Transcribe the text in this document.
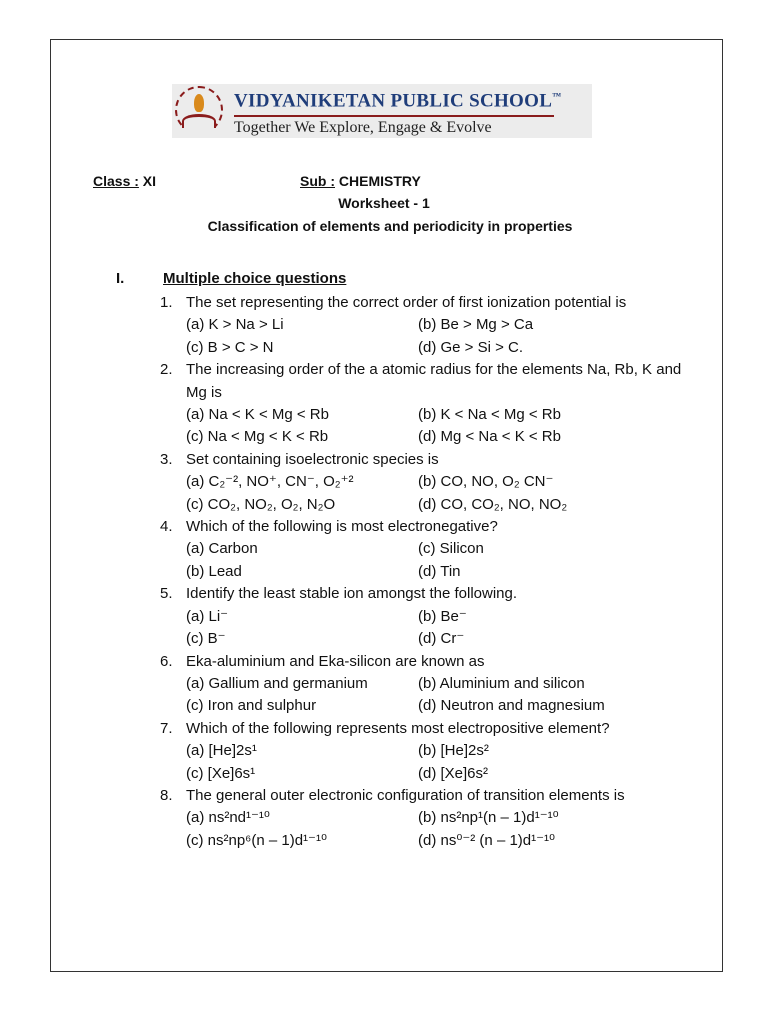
VIDYANIKETAN PUBLIC SCHOOL™
Together We Explore, Engage & Evolve
Class : XI	Sub : CHEMISTRY
Worksheet - 1
Classification of elements and periodicity in properties
I.	Multiple choice questions
1. The set representing the correct order of first ionization potential is
(a) K > Na > Li	(b) Be > Mg > Ca
(c) B > C > N	(d) Ge > Si > C.
2. The increasing order of the a atomic radius for the elements Na, Rb, K and Mg is
(a) Na < K < Mg < Rb	(b) K < Na < Mg < Rb
(c) Na < Mg < K < Rb	(d) Mg < Na < K < Rb
3. Set containing isoelectronic species is
(a) C₂⁻², NO⁺, CN⁻, O₂⁺²	(b) CO, NO, O₂ CN⁻
(c) CO₂, NO₂, O₂, N₂O	(d) CO, CO₂, NO, NO₂
4. Which of the following is most electronegative?
(a) Carbon	(c) Silicon
(b) Lead	(d) Tin
5. Identify the least stable ion amongst the following.
(a) Li⁻	(b) Be⁻
(c) B⁻	(d) Cr⁻
6. Eka-aluminium and Eka-silicon are known as
(a) Gallium and germanium	(b) Aluminium and silicon
(c) Iron and sulphur	(d) Neutron and magnesium
7. Which of the following represents most electropositive element?
(a) [He]2s¹	(b) [He]2s²
(c) [Xe]6s¹	(d) [Xe]6s²
8. The general outer electronic configuration of transition elements is
(a) ns²nd¹⁻¹⁰	(b) ns²np¹(n – 1)d¹⁻¹⁰
(c) ns²np⁶(n – 1)d¹⁻¹⁰	(d) ns⁰⁻² (n – 1)d¹⁻¹⁰
